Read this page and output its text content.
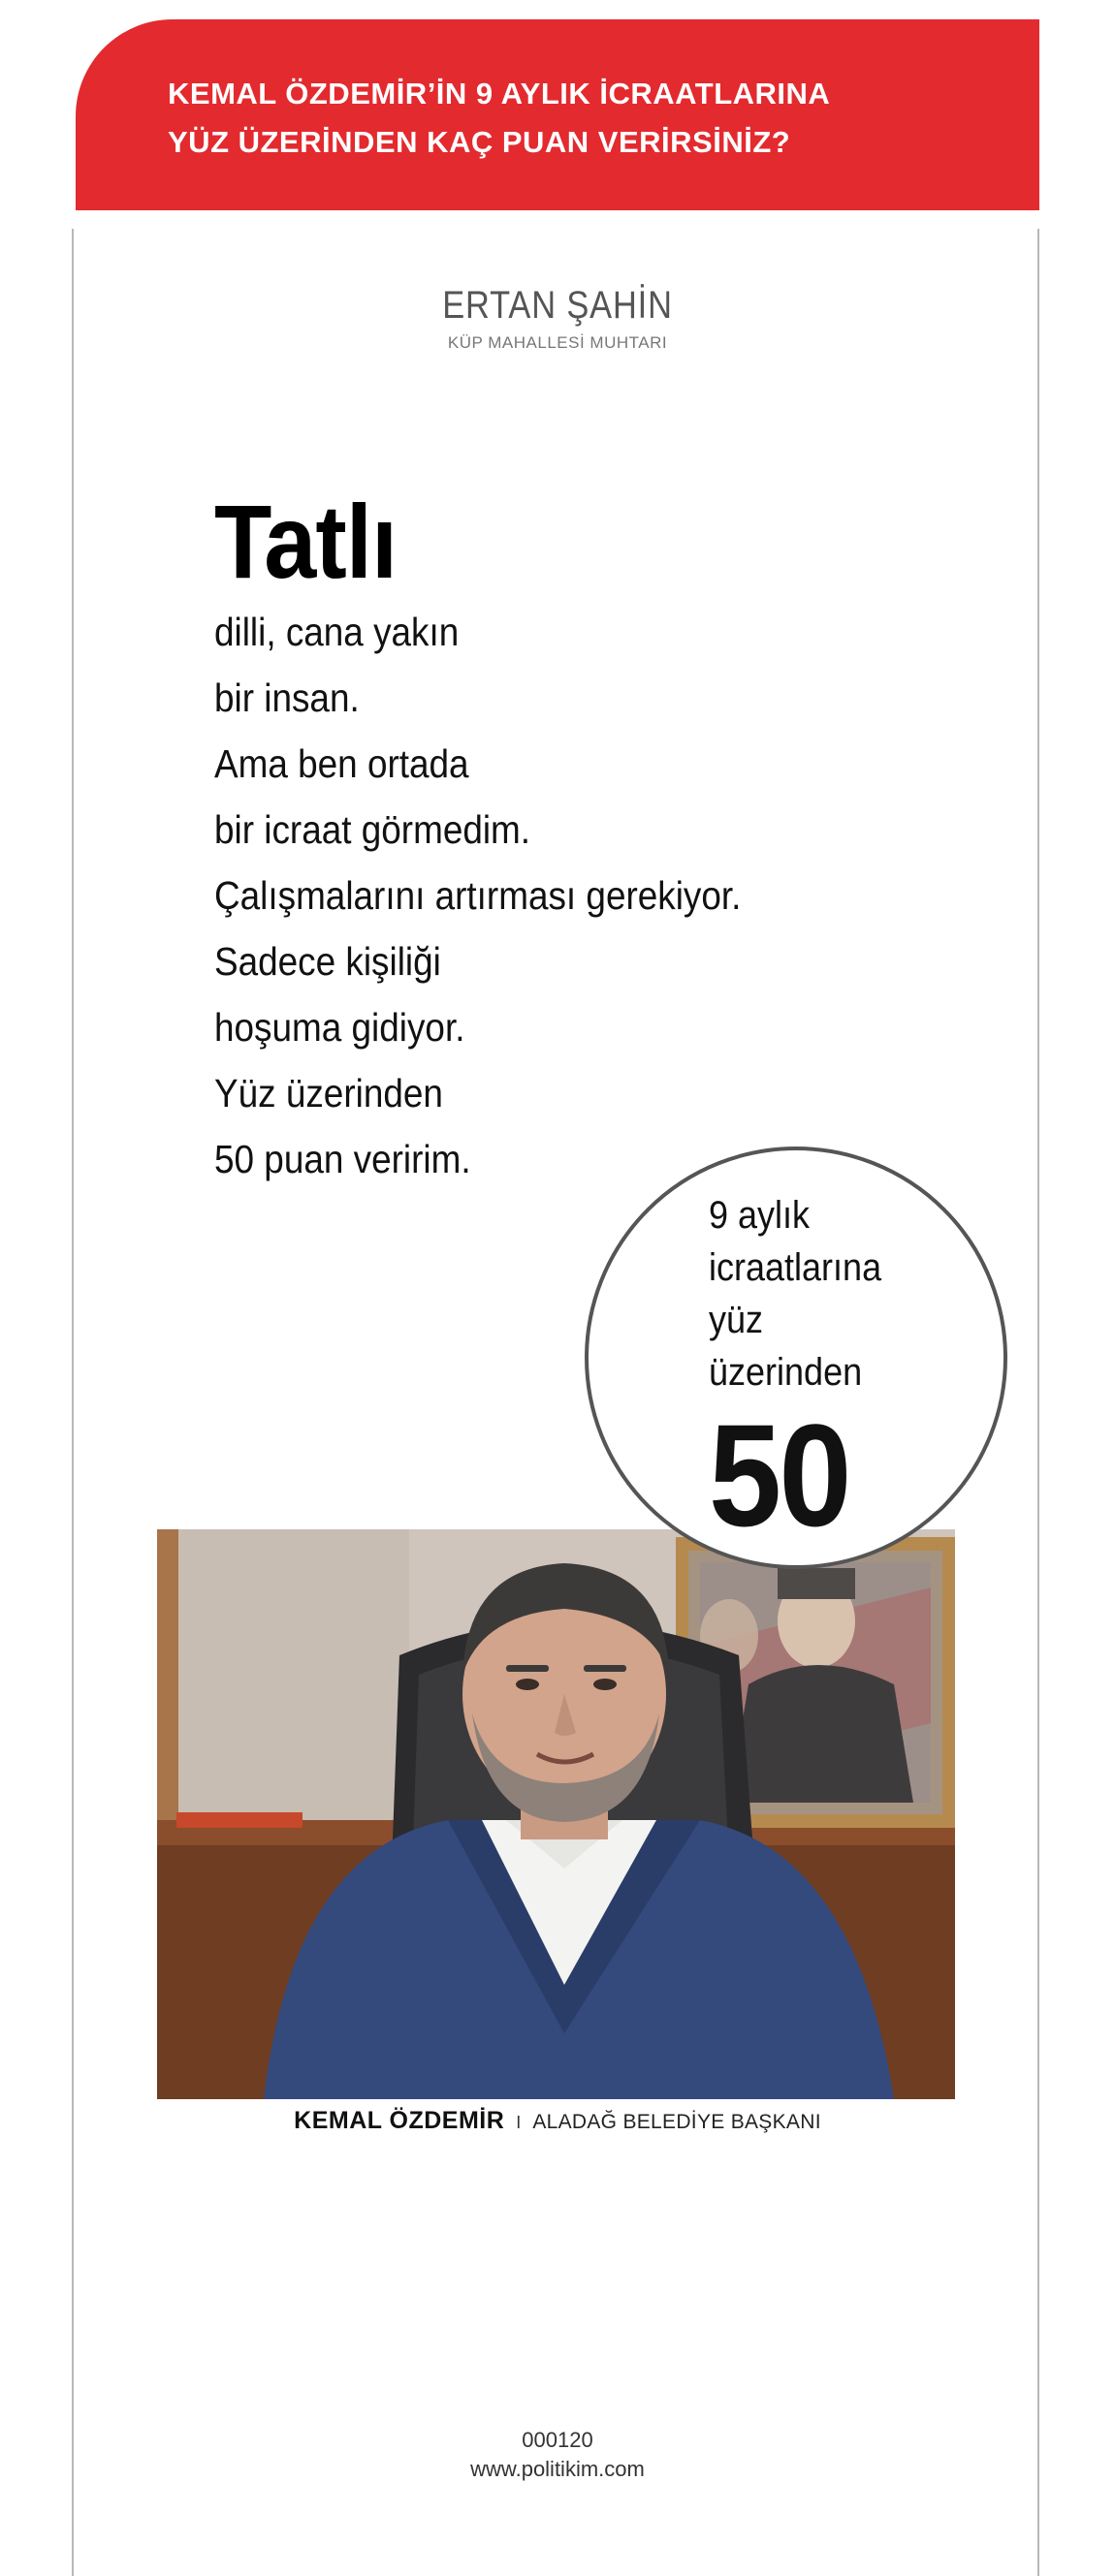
KEMAL ÖZDEMİR’İN 9 AYLIK İCRAATLARINA
YÜZ ÜZERİNDEN KAÇ PUAN VERİRSİNİZ?
ERTAN ŞAHİN
KÜP MAHALLESİ MUHTARI
Tatlı
dilli, cana yakın
bir insan.
Ama ben ortada
bir icraat görmedim.
Çalışmalarını artırması gerekiyor.
Sadece kişiliği
hoşuma gidiyor.
Yüz üzerinden
50 puan veririm.
9 aylık
icraatlarına
yüz
üzerinden
50
KEMAL ÖZDEMİR I ALADAĞ BELEDİYE BAŞKANI
000120
www.politikim.com
